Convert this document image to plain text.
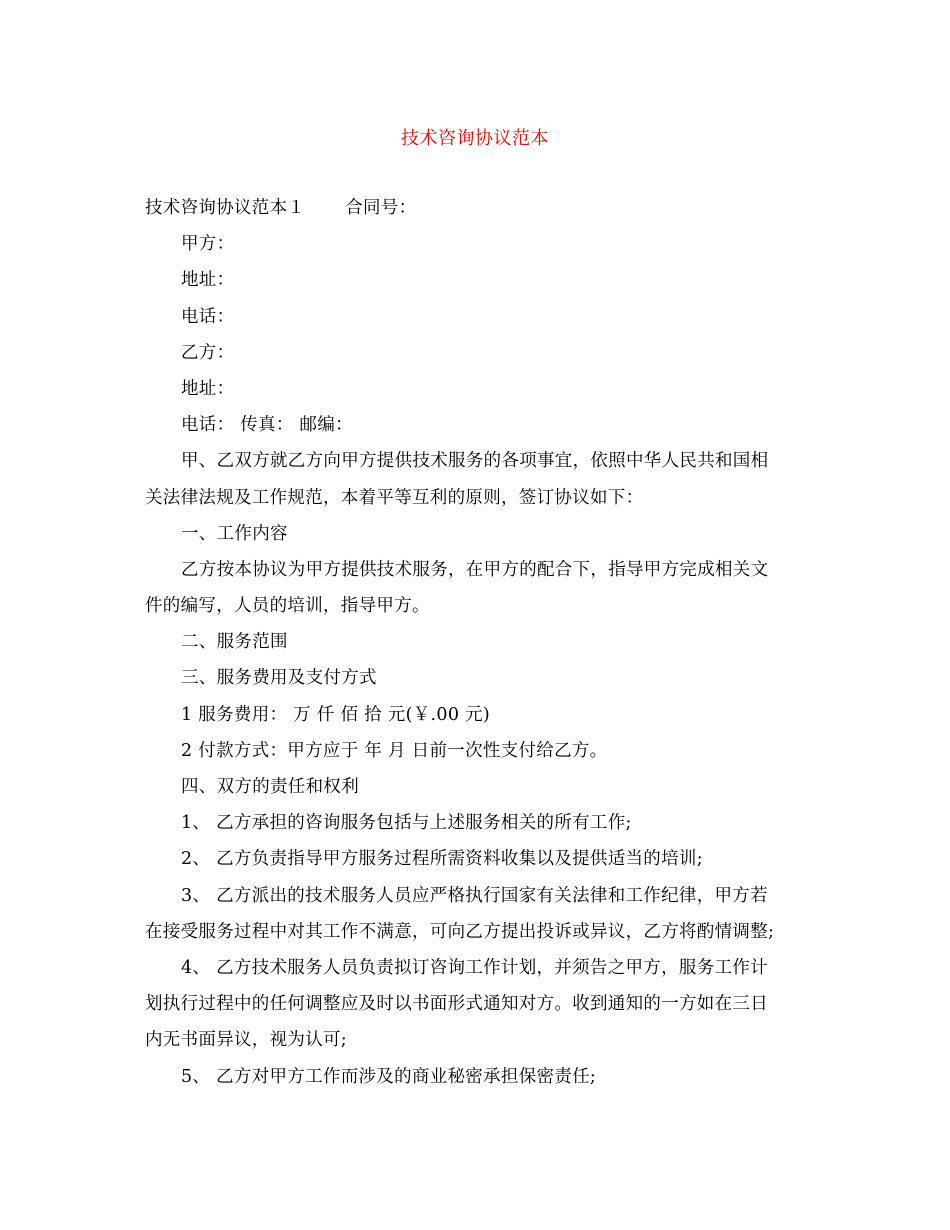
技术咨询协议范本
技术咨询协议范本１ 合同号：
甲方：
地址：
电话：
乙方：
地址：
电话： 传真： 邮编：
甲、乙双方就乙方向甲方提供技术服务的各项事宜，依照中华人民共和国相
关法律法规及工作规范，本着平等互利的原则，签订协议如下：
一、工作内容
乙方按本协议为甲方提供技术服务，在甲方的配合下，指导甲方完成相关文
件的编写，人员的培训，指导甲方。
二、服务范围
三、服务费用及支付方式
1 服务费用： 万 仟 佰 拾 元(￥.00 元)
2 付款方式：甲方应于 年 月 日前一次性支付给乙方。
四、双方的责任和权利
1、 乙方承担的咨询服务包括与上述服务相关的所有工作;
2、 乙方负责指导甲方服务过程所需资料收集以及提供适当的培训;
3、 乙方派出的技术服务人员应严格执行国家有关法律和工作纪律，甲方若
在接受服务过程中对其工作不满意，可向乙方提出投诉或异议，乙方将酌情调整;
4、 乙方技术服务人员负责拟订咨询工作计划，并须告之甲方，服务工作计
划执行过程中的任何调整应及时以书面形式通知对方。收到通知的一方如在三日
内无书面异议，视为认可;
5、 乙方对甲方工作而涉及的商业秘密承担保密责任;
